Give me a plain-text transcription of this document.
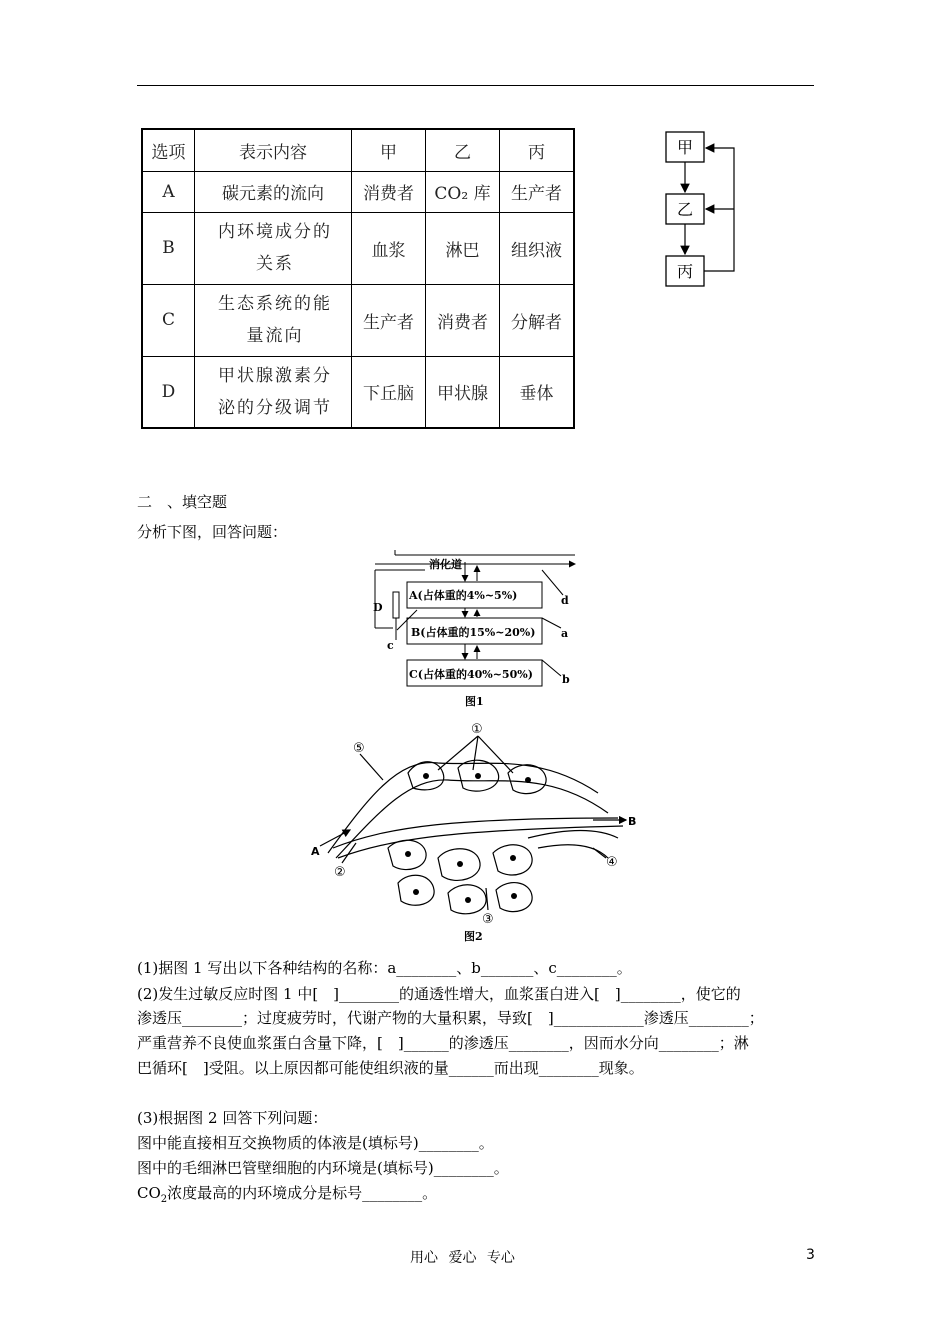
选项	表示内容	甲	乙	丙
A	碳元素的流向	消费者	CO₂ 库	生产者
B	内环境成分的关系	血浆	淋巴	组织液
C	生态系统的能量流向	生产者	消费者	分解者
D	甲状腺激素分泌的分级调节	下丘脑	甲状腺	垂体
甲
乙
丙
二　、填空题
分析下图，回答问题：
消化道
A(占体重的4%~5%)
B(占体重的15%~20%)
C(占体重的40%~50%)
D
a
b
c
d
图1
①
⑤
②
③
④
A
B
图2
(1)据图 1 写出以下各种结构的名称：a________、b_______、c________。
(2)发生过敏反应时图 1 中[　]________的通透性增大，血浆蛋白进入[　]________，使它的
渗透压________；过度疲劳时，代谢产物的大量积累，导致[　]____________渗透压________；
严重营养不良使血浆蛋白含量下降，[　]______的渗透压________，因而水分向________；淋
巴循环[　]受阻。以上原因都可能使组织液的量______而出现________现象。
(3)根据图 2 回答下列问题：
图中能直接相互交换物质的体液是(填标号)________。
图中的毛细淋巴管壁细胞的内环境是(填标号)________。
$CO_2$浓度最高的内环境成分是标号________。
用心 爱心 专心	3
